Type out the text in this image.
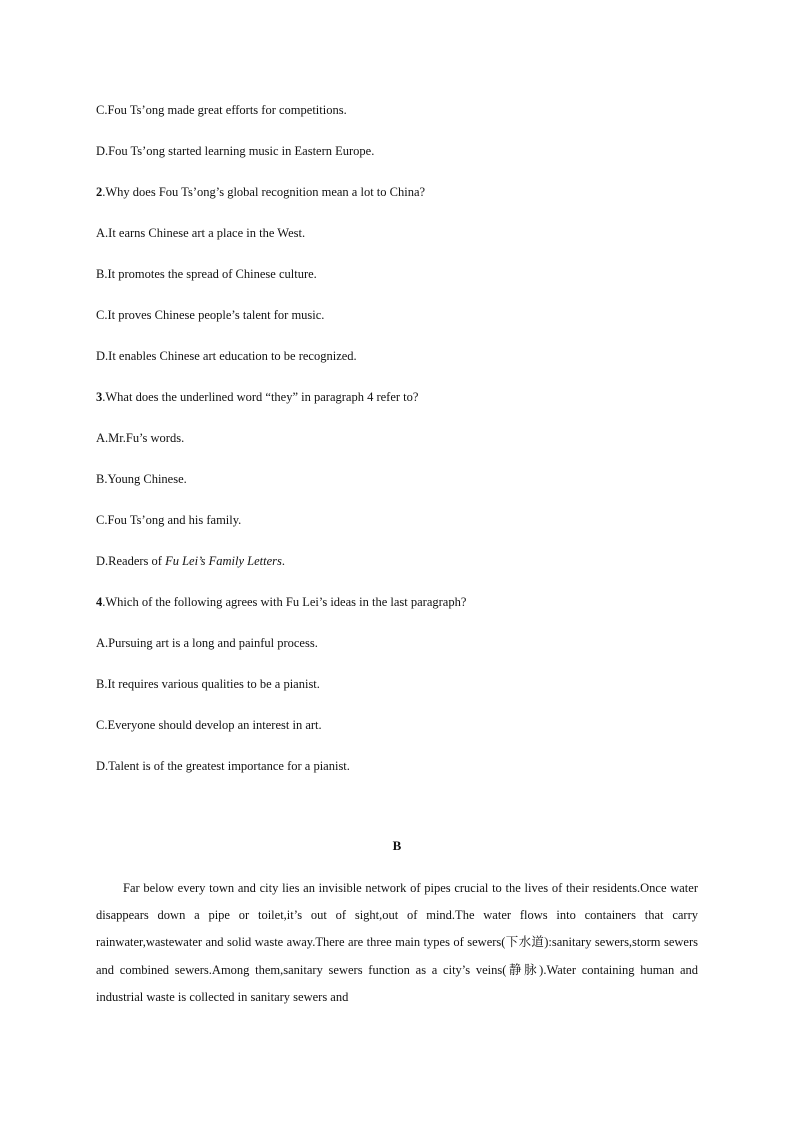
C.Fou Ts’ong made great efforts for competitions.
D.Fou Ts’ong started learning music in Eastern Europe.
2.Why does Fou Ts’ong’s global recognition mean a lot to China?
A.It earns Chinese art a place in the West.
B.It promotes the spread of Chinese culture.
C.It proves Chinese people’s talent for music.
D.It enables Chinese art education to be recognized.
3.What does the underlined word “they” in paragraph 4 refer to?
A.Mr.Fu’s words.
B.Young Chinese.
C.Fou Ts’ong and his family.
D.Readers of Fu Lei’s Family Letters.
4.Which of the following agrees with Fu Lei’s ideas in the last paragraph?
A.Pursuing art is a long and painful process.
B.It requires various qualities to be a pianist.
C.Everyone should develop an interest in art.
D.Talent is of the greatest importance for a pianist.
B

Far below every town and city lies an invisible network of pipes crucial to the lives of their residents.Once water disappears down a pipe or toilet,it’s out of sight,out of mind.The water flows into containers that carry rainwater,wastewater and solid waste away.There are three main types of sewers(下水道):sanitary sewers,storm sewers and combined sewers.Among them,sanitary sewers function as a city’s veins(静脉).Water containing human and industrial waste is collected in sanitary sewers and
